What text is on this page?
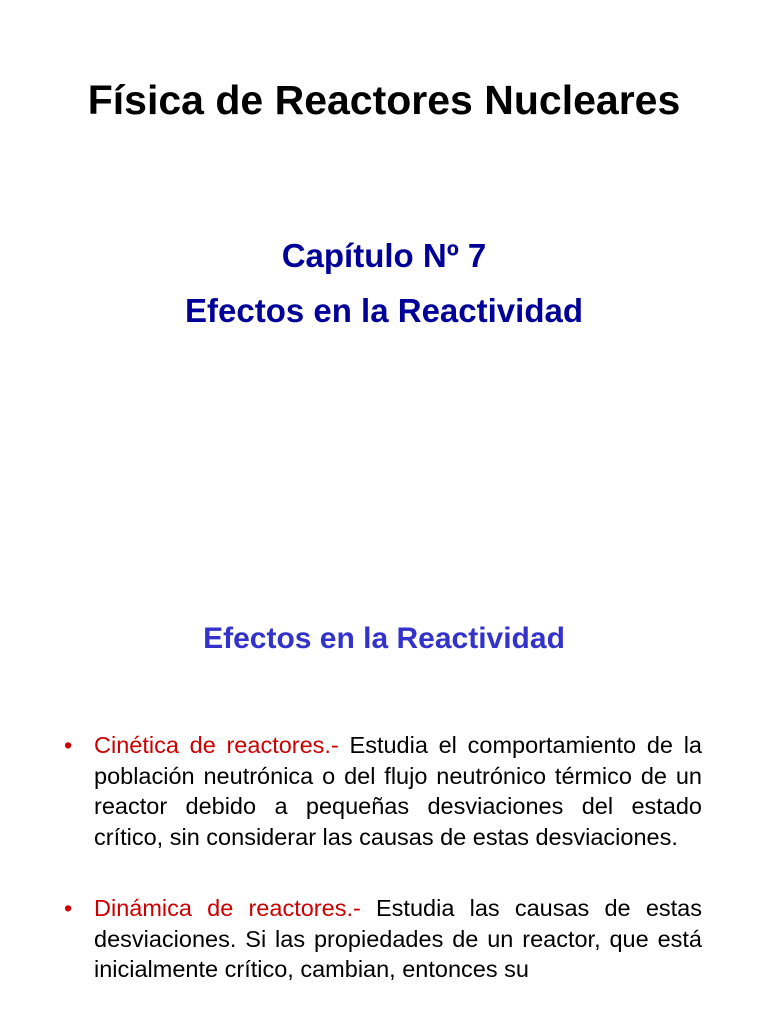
Física de Reactores Nucleares
Capítulo Nº 7
Efectos en la Reactividad
Efectos en la Reactividad
• Cinética de reactores.- Estudia el comportamiento de la población neutrónica o del flujo neutrónico térmico de un reactor debido a pequeñas desviaciones del estado crítico, sin considerar las causas de estas desviaciones.
• Dinámica de reactores.- Estudia las causas de estas desviaciones. Si las propiedades de un reactor, que está inicialmente crítico, cambian, entonces su
